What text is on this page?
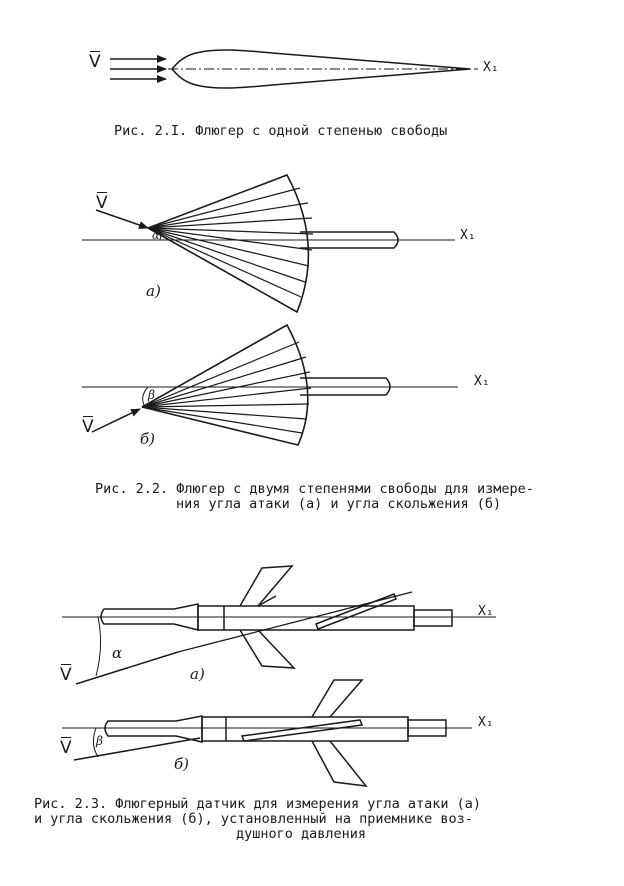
V	X₁
Рис. 2.I. Флюгер с одной степенью свободы
V
X₁
α
а)
X₁
β
V
б)
Рис. 2.2. Флюгер с двумя степенями свободы для измере-
ния угла атаки (а) и угла скольжения (б)
X₁
α
V	а)
X₁
β
V
б)
Рис. 2.3. Флюгерный датчик для измерения угла атаки (а)
и угла скольжения (б), установленный на приемнике воз-
душного давления
